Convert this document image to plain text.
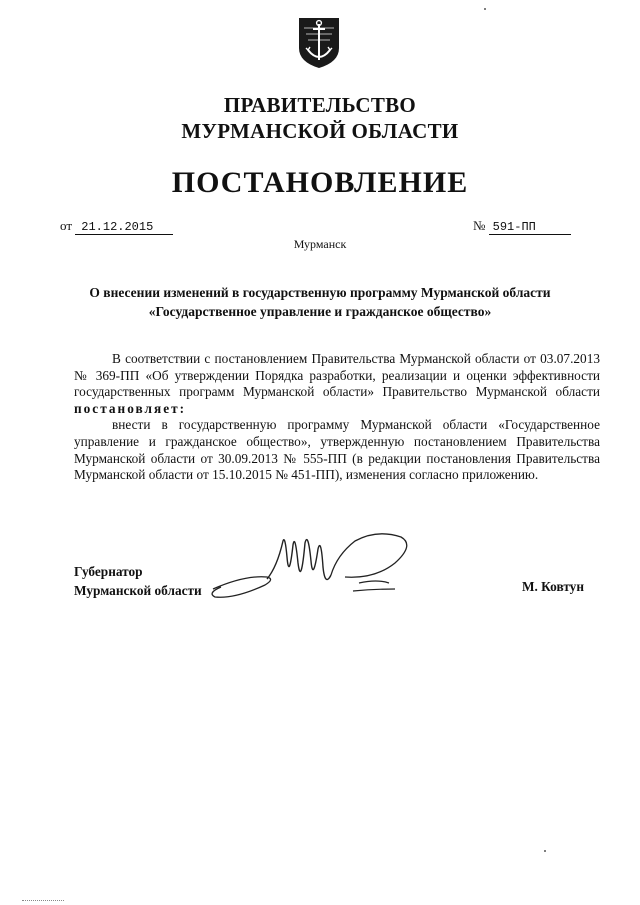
ПРАВИТЕЛЬСТВО
МУРМАНСКОЙ ОБЛАСТИ
ПОСТАНОВЛЕНИЕ
от 21.12.2015	№ 591-ПП
Мурманск
О внесении изменений в государственную программу Мурманской области
«Государственное управление и гражданское общество»

В соответствии с постановлением Правительства Мурманской области от 03.07.2013 № 369-ПП «Об утверждении Порядка разработки, реализации и оценки эффективности государственных программ Мурманской области» Правительство Мурманской области постановляет:

внести в государственную программу Мурманской области «Государственное управление и гражданское общество», утвержденную постановлением Правительства Мурманской области от 30.09.2013 № 555-ПП (в редакции постановления Правительства Мурманской области от 15.10.2015 № 451-ПП), изменения согласно приложению.

Губернатор
Мурманской области	М. Ковтун
